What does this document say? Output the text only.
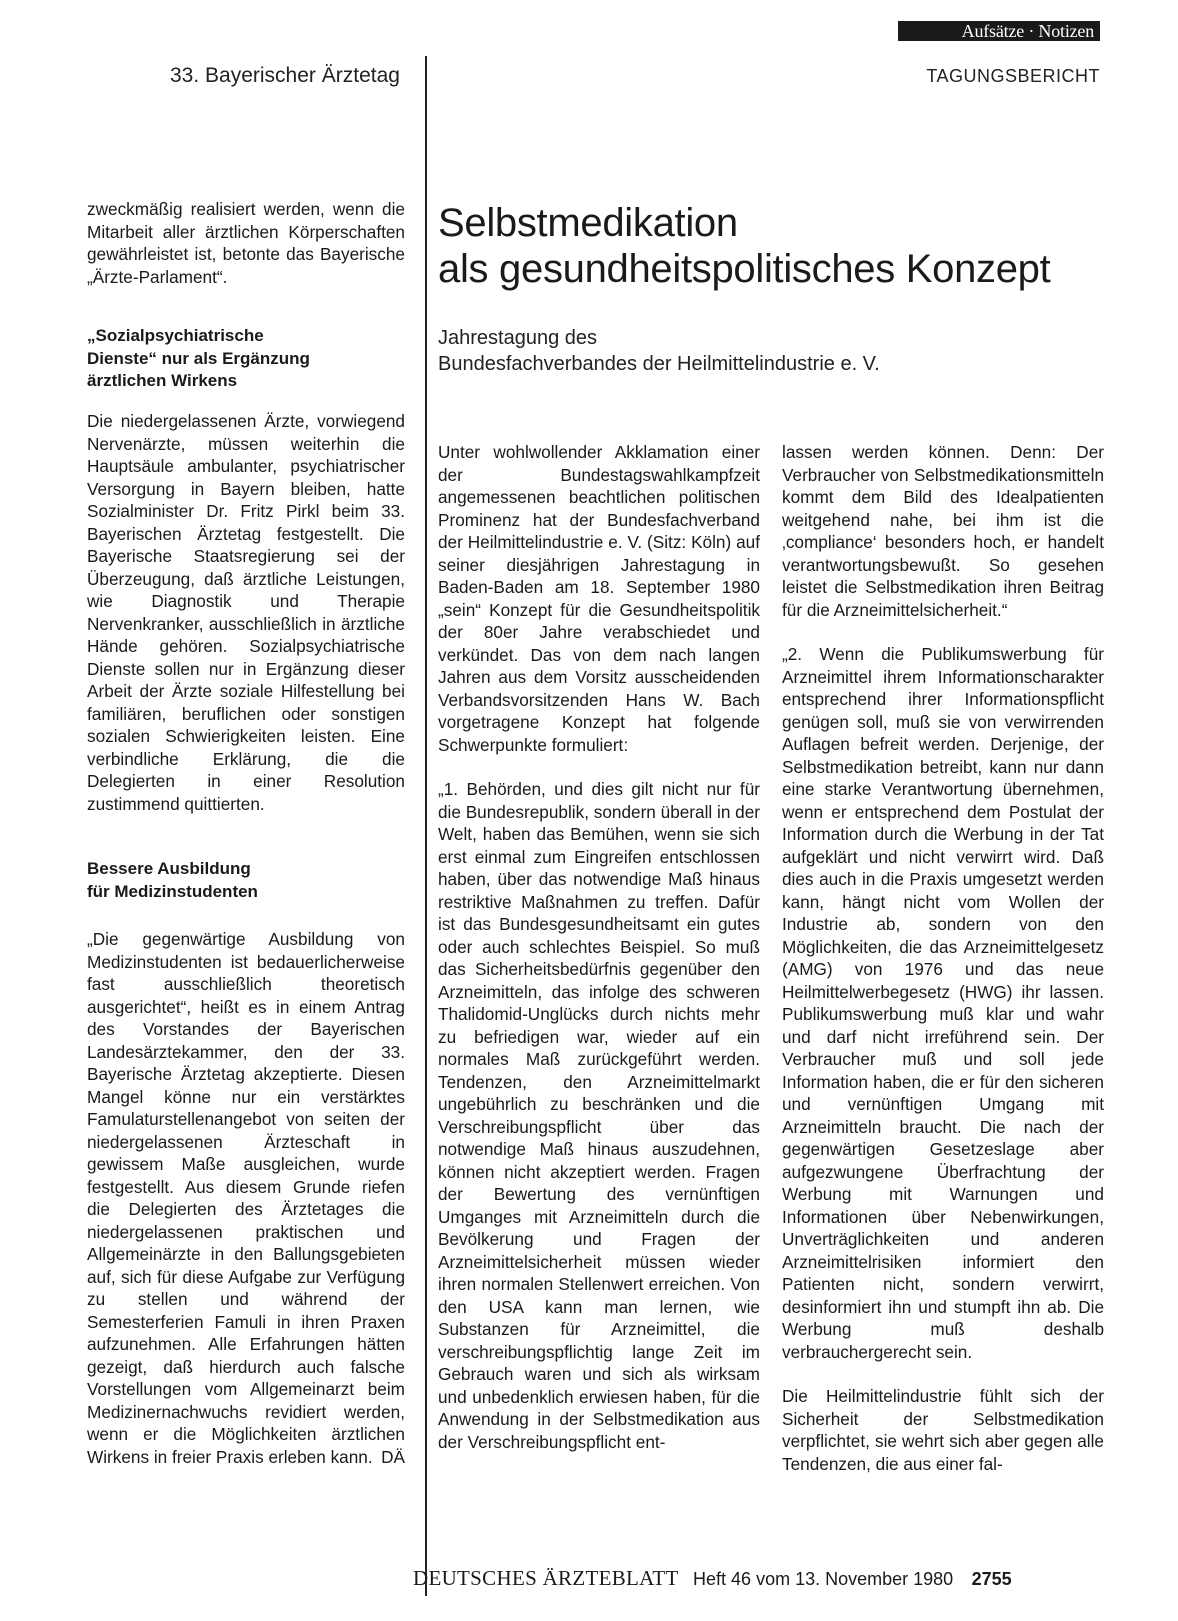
Aufsätze · Notizen
33. Bayerischer Ärztetag	TAGUNGSBERICHT
Selbstmedikation
als gesundheitspolitisches Konzept
Jahrestagung des
Bundesfachverbandes der Heilmittelindustrie e. V.

zweckmäßig realisiert werden, wenn die Mitarbeit aller ärztlichen Körperschaften gewährleistet ist, betonte das Bayerische „Ärzte-Parlament“.

„Sozialpsychiatrische
Dienste“ nur als Ergänzung
ärztlichen Wirkens

Die niedergelassenen Ärzte, vorwiegend Nervenärzte, müssen weiterhin die Hauptsäule ambulanter, psychiatrischer Versorgung in Bayern bleiben, hatte Sozialminister Dr. Fritz Pirkl beim 33. Bayerischen Ärztetag festgestellt. Die Bayerische Staatsregierung sei der Überzeugung, daß ärztliche Leistungen, wie Diagnostik und Therapie Nervenkranker, ausschließlich in ärztliche Hände gehören. Sozialpsychiatrische Dienste sollen nur in Ergänzung dieser Arbeit der Ärzte soziale Hilfestellung bei familiären, beruflichen oder sonstigen sozialen Schwierigkeiten leisten. Eine verbindliche Erklärung, die die Delegierten in einer Resolution zustimmend quittierten.

Bessere Ausbildung
für Medizinstudenten

„Die gegenwärtige Ausbildung von Medizinstudenten ist bedauerlicherweise fast ausschließlich theoretisch ausgerichtet“, heißt es in einem Antrag des Vorstandes der Bayerischen Landesärztekammer, den der 33. Bayerische Ärztetag akzeptierte. Diesen Mangel könne nur ein verstärktes Famulaturstellenangebot von seiten der niedergelassenen Ärzteschaft in gewissem Maße ausgleichen, wurde festgestellt. Aus diesem Grunde riefen die Delegierten des Ärztetages die niedergelassenen praktischen und Allgemeinärzte in den Ballungsgebieten auf, sich für diese Aufgabe zur Verfügung zu stellen und während der Semesterferien Famuli in ihren Praxen aufzunehmen. Alle Erfahrungen hätten gezeigt, daß hierdurch auch falsche Vorstellungen vom Allgemeinarzt beim Medizinernachwuchs revidiert werden, wenn er die Möglichkeiten ärztlichen Wirkens in freier Praxis erleben kann. DÄ

Unter wohlwollender Akklamation einer der Bundestagswahlkampfzeit angemessenen beachtlichen politischen Prominenz hat der Bundesfachverband der Heilmittelindustrie e. V. (Sitz: Köln) auf seiner diesjährigen Jahrestagung in Baden-Baden am 18. September 1980 „sein“ Konzept für die Gesundheitspolitik der 80er Jahre verabschiedet und verkündet. Das von dem nach langen Jahren aus dem Vorsitz ausscheidenden Verbandsvorsitzenden Hans W. Bach vorgetragene Konzept hat folgende Schwerpunkte formuliert:

„1. Behörden, und dies gilt nicht nur für die Bundesrepublik, sondern überall in der Welt, haben das Bemühen, wenn sie sich erst einmal zum Eingreifen entschlossen haben, über das notwendige Maß hinaus restriktive Maßnahmen zu treffen. Dafür ist das Bundesgesundheitsamt ein gutes oder auch schlechtes Beispiel. So muß das Sicherheitsbedürfnis gegenüber den Arzneimitteln, das infolge des schweren Thalidomid-Unglücks durch nichts mehr zu befriedigen war, wieder auf ein normales Maß zurückgeführt werden. Tendenzen, den Arzneimittelmarkt ungebührlich zu beschränken und die Verschreibungspflicht über das notwendige Maß hinaus auszudehnen, können nicht akzeptiert werden. Fragen der Bewertung des vernünftigen Umganges mit Arzneimitteln durch die Bevölkerung und Fragen der Arzneimittelsicherheit müssen wieder ihren normalen Stellenwert erreichen. Von den USA kann man lernen, wie Substanzen für Arzneimittel, die verschreibungspflichtig lange Zeit im Gebrauch waren und sich als wirksam und unbedenklich erwiesen haben, für die Anwendung in der Selbstmedikation aus der Verschreibungspflicht ent-

lassen werden können. Denn: Der Verbraucher von Selbstmedikationsmitteln kommt dem Bild des Idealpatienten weitgehend nahe, bei ihm ist die ‚compliance‘ besonders hoch, er handelt verantwortungsbewußt. So gesehen leistet die Selbstmedikation ihren Beitrag für die Arzneimittelsicherheit.“

„2. Wenn die Publikumswerbung für Arzneimittel ihrem Informationscharakter entsprechend ihrer Informationspflicht genügen soll, muß sie von verwirrenden Auflagen befreit werden. Derjenige, der Selbstmedikation betreibt, kann nur dann eine starke Verantwortung übernehmen, wenn er entsprechend dem Postulat der Information durch die Werbung in der Tat aufgeklärt und nicht verwirrt wird. Daß dies auch in die Praxis umgesetzt werden kann, hängt nicht vom Wollen der Industrie ab, sondern von den Möglichkeiten, die das Arzneimittelgesetz (AMG) von 1976 und das neue Heilmittelwerbegesetz (HWG) ihr lassen. Publikumswerbung muß klar und wahr und darf nicht irreführend sein. Der Verbraucher muß und soll jede Information haben, die er für den sicheren und vernünftigen Umgang mit Arzneimitteln braucht. Die nach der gegenwärtigen Gesetzeslage aber aufgezwungene Überfrachtung der Werbung mit Warnungen und Informationen über Nebenwirkungen, Unverträglichkeiten und anderen Arzneimittelrisiken informiert den Patienten nicht, sondern verwirrt, desinformiert ihn und stumpft ihn ab. Die Werbung muß deshalb verbrauchergerecht sein.

Die Heilmittelindustrie fühlt sich der Sicherheit der Selbstmedikation verpflichtet, sie wehrt sich aber gegen alle Tendenzen, die aus einer fal-

DEUTSCHES ÄRZTEBLATT Heft 46 vom 13. November 1980 2755
